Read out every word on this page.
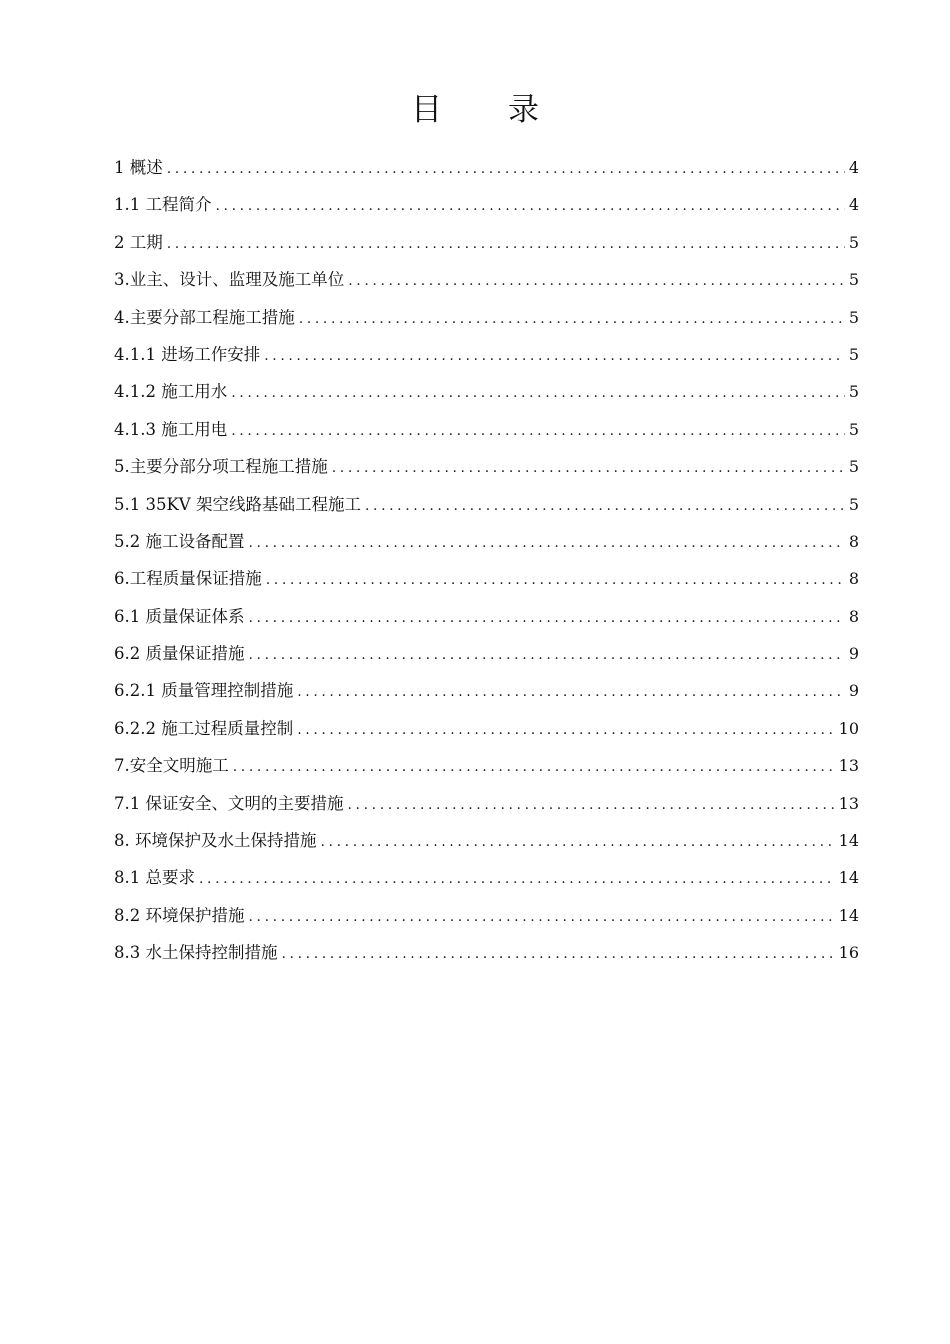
目 录
1 概述 .....	4
1.1 工程简介 .....	4
2 工期 .....	5
3.业主、设计、监理及施工单位 .....	5
4.主要分部工程施工措施 .....	5
4.1.1 进场工作安排 .....	5
4.1.2 施工用水 .....	5
4.1.3 施工用电 .....	5
5.主要分部分项工程施工措施 .....	5
5.1 35KV 架空线路基础工程施工 .....	5
5.2 施工设备配置 .....	8
6.工程质量保证措施 .....	8
6.1 质量保证体系 .....	8
6.2 质量保证措施 .....	9
6.2.1 质量管理控制措施 .....	9
6.2.2 施工过程质量控制 .....	10
7.安全文明施工 .....	13
7.1 保证安全、文明的主要措施 .....	13
8. 环境保护及水土保持措施 .....	14
8.1 总要求 .....	14
8.2 环境保护措施 .....	14
8.3 水土保持控制措施 .....	16
